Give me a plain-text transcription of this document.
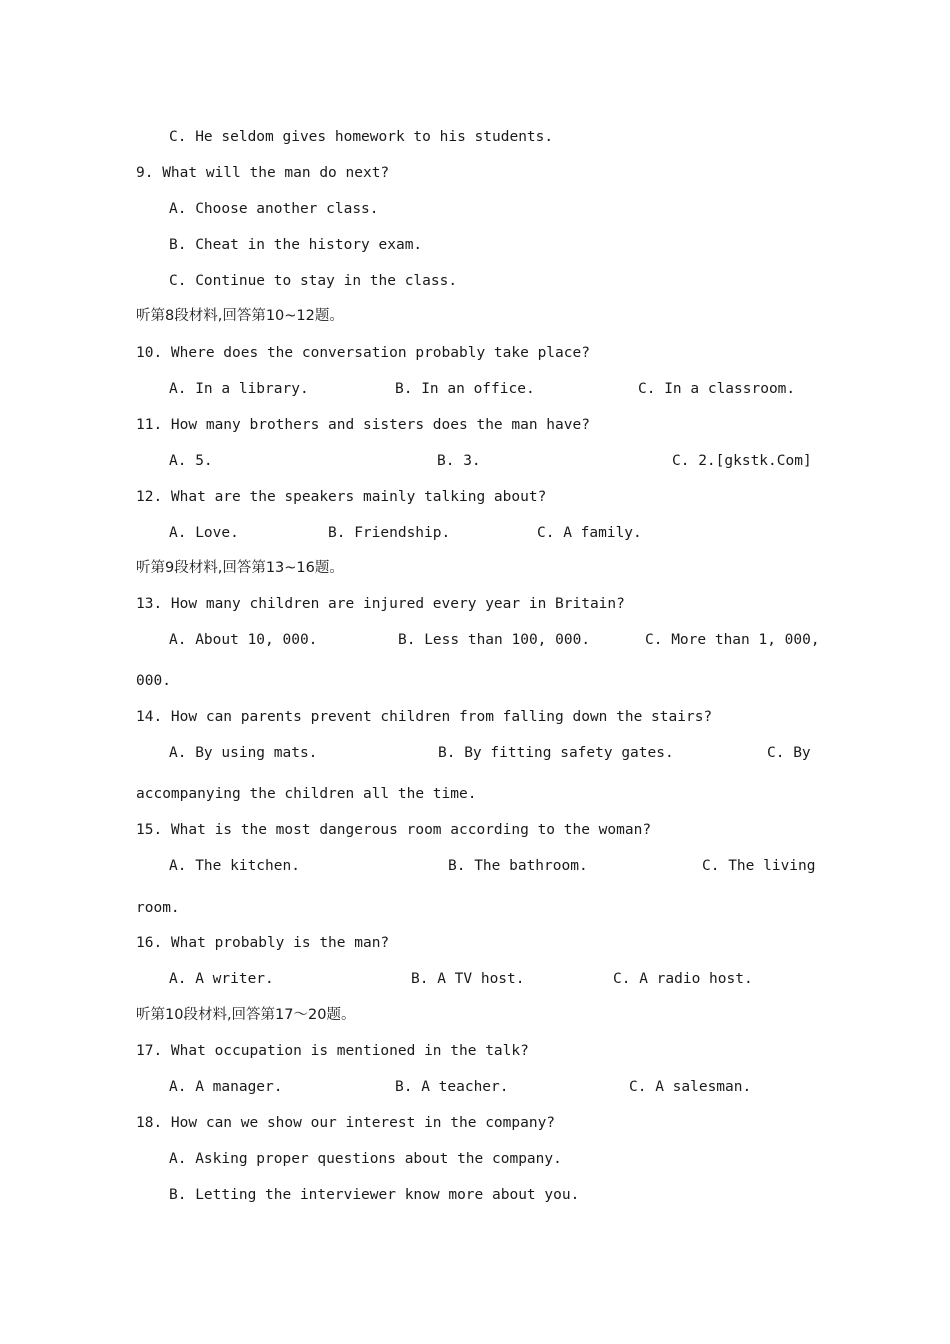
C. He seldom gives homework to his students.
9. What will the man do next?
A. Choose another class.
B. Cheat in the history exam.
C. Continue to stay in the class.
听第8段材料,回答第10~12题。
10. Where does the conversation probably take place?
A. In a library.	B. In an office.	C. In a classroom.
11. How many brothers and sisters does the man have?
A. 5.	B. 3.	C. 2.[gkstk.Com]
12. What are the speakers mainly talking about?
A. Love.	B. Friendship.	C. A family.
听第9段材料,回答第13~16题。
13. How many children are injured every year in Britain?
A. About 10, 000.	B. Less than 100, 000.	C. More than 1, 000,
000.
14. How can parents prevent children from falling down the stairs?
A. By using mats.	B. By fitting safety gates.	C. By
accompanying the children all the time.
15. What is the most dangerous room according to the woman?
A. The kitchen.	B. The bathroom.	C. The living
room.
16. What probably is the man?
A. A writer.	B. A TV host.	C. A radio host.
听第10段材料,回答第17～20题。
17. What occupation is mentioned in the talk?
A. A manager.	B. A teacher.	C. A salesman.
18. How can we show our interest in the company?
A. Asking proper questions about the company.
B. Letting the interviewer know more about you.
